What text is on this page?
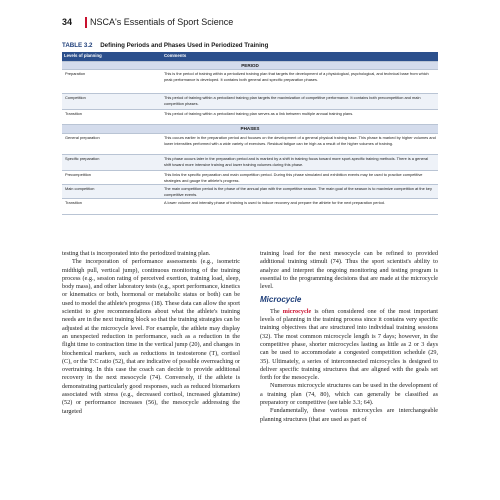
34	NSCA's Essentials of Sport Science
TABLE 3.2 Defining Periods and Phases Used in Periodized Training
Levels of planning	Comments
PERIOD	
Preparation	This is the period of training within a periodized training plan that targets the development of a physiological, psychological, and technical base from which peak performance is developed. It contains both general and specific preparation phases.
Competition	This period of training within a periodized training plan targets the maximization of competitive performance. It contains both precompetition and main competition phases.
Transition	This period of training within a periodized training plan serves as a link between multiple annual training plans.
PHASES	
General preparation	This occurs earlier in the preparation period and focuses on the development of a general physical training base. This phase is marked by higher volumes and lower intensities performed with a wide variety of exercises. Residual fatigue can be high as a result of the higher volumes of training.
Specific preparation	This phase occurs later in the preparation period and is marked by a shift in training focus toward more sport-specific training methods. There is a general shift toward more intensive training and lower training volumes during this phase.
Precompetition	This links the specific preparation and main competition period. During this phase simulated and exhibition events may be used to practice competitive strategies and gauge the athlete's progress.
Main competition	The main competition period is the phase of the annual plan with the competitive season. The main goal of the season is to maximize competition at the key competitive events.
Transition	A lower volume and intensity phase of training is used to induce recovery and prepare the athlete for the next preparation period.

testing that is incorporated into the periodized training plan.

The incorporation of performance assessments (e.g., isometric midthigh pull, vertical jump), continuous monitoring of the training process (e.g., session rating of perceived exertion, training load, sleep, body mass), and other laboratory tests (e.g., sport performance, kinetics or kinematics or both, hormonal or metabolic status or both) can be used to model the athlete's progress (18). These data can allow the sport scientist to give recommendations about what the athlete's training needs are in the next training block so that the training strategies can be adjusted at the microcycle level. For example, the athlete may display an unexpected reduction in performance, such as a reduction in the flight time to contraction time in the vertical jump (20), and changes in biochemical markers, such as reductions in testosterone (T), cortisol (C), or the T:C ratio (52), that are indicative of possible overreaching or overtraining. In this case the coach can decide to provide additional recovery in the next mesocycle (74). Conversely, if the athlete is demonstrating particularly good responses, such as reduced biomarkers associated with stress (e.g., decreased cortisol, increased glutamine) (52) or performance increases (56), the mesocycle addressing the targeted

training load for the next mesocycle can be refined to provided additional training stimuli (74). Thus the sport scientist's ability to analyze and interpret the ongoing monitoring and testing program is essential to the programming decisions that are made at the microcycle level.

Microcycle

The microcycle is often considered one of the most important levels of planning in the training process since it contains very specific training objectives that are structured into individual training sessions (32). The most common microcycle length is 7 days; however, in the competitive phase, shorter microcycles lasting as little as 2 or 3 days can be used to accommodate a congested competition schedule (29, 35). Ultimately, a series of interconnected microcycles is designed to deliver specific training structures that are aligned with the goals set forth for the mesocycle.

Numerous microcycle structures can be used in the development of a training plan (74, 80), which can generally be classified as preparatory or competitive (see table 3.3; 64).

Fundamentally, these various microcycles are interchangeable planning structures (that are used as part of
